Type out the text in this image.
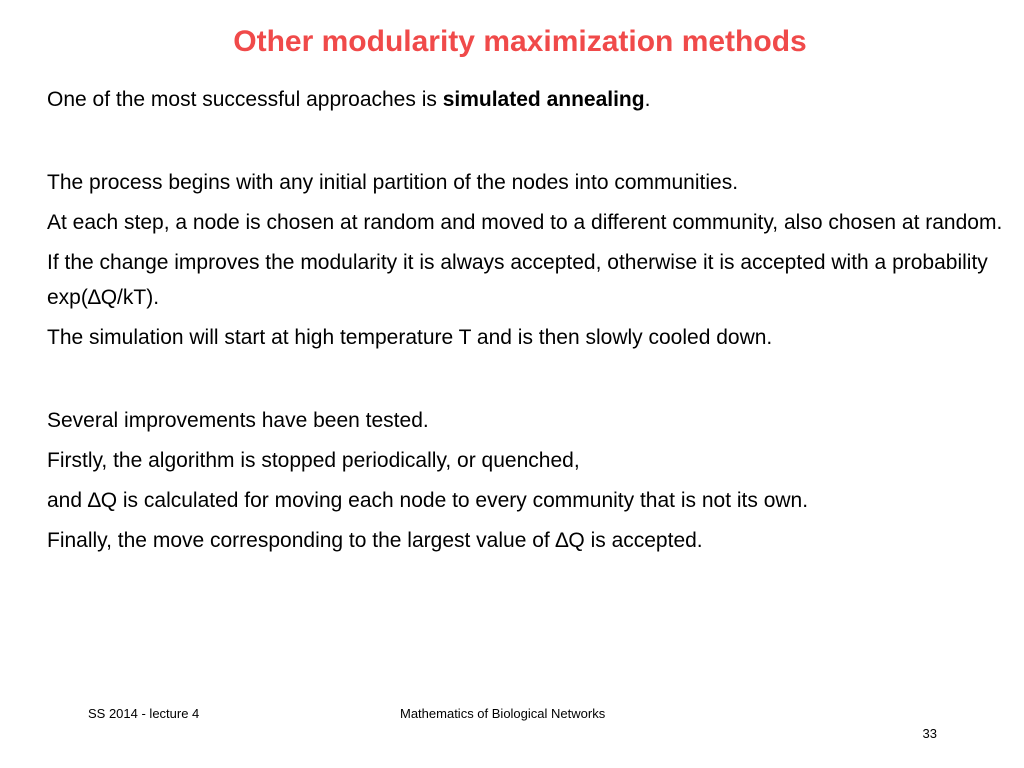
Other modularity maximization methods

One of the most successful approaches is simulated annealing.

The process begins with any initial partition of the nodes into communities.

At each step, a node is chosen at random and moved to a different community, also chosen at random.

If the change improves the modularity it is always accepted, otherwise it is accepted with a probability exp(∆Q/kT).

The simulation will start at high temperature T and is then slowly cooled down.

Several improvements have been tested.

Firstly, the algorithm is stopped periodically, or quenched,

and ∆Q is calculated for moving each node to every community that is not its own.

Finally, the move corresponding to the largest value of ∆Q is accepted.

SS 2014 - lecture 4	Mathematics of Biological Networks
33
